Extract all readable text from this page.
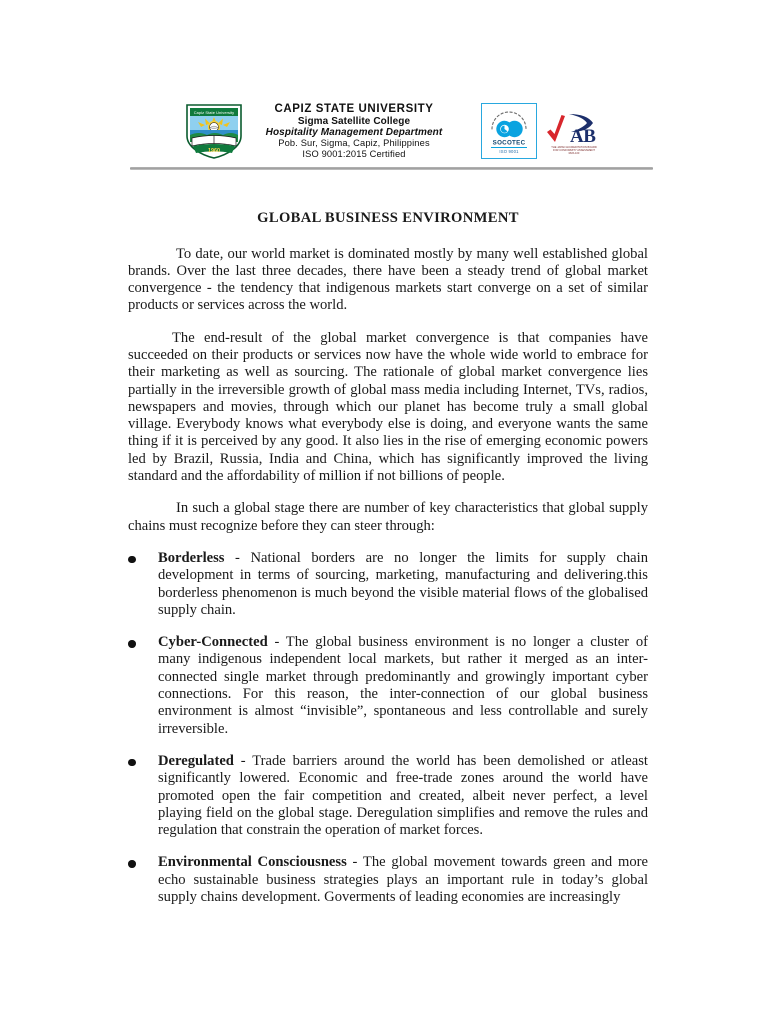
1960
Capiz State University	CAPIZ STATE UNIVERSITY
Sigma Satellite College
Hospitality Management Department
Pob. Sur, Sigma, Capiz, Philippines
ISO 9001:2015 Certified
SOCOTEC
ISO 9001
AB
THE JAPAN ACCREDITATION BOARD
FOR CONFORMITY ASSESSMENT
RMA 100
GLOBAL BUSINESS ENVIRONMENT

To date, our world market is dominated mostly by many well established global brands. Over the last three decades, there have been a steady trend of global market convergence - the tendency that indigenous markets start converge on a set of similar products or services across the world.

The end-result of the global market convergence is that companies have succeeded on their products or services now have the whole wide world to embrace for their marketing as well as sourcing. The rationale of global market convergence lies partially in the irreversible growth of global mass media including Internet, TVs, radios, newspapers and movies, through which our planet has become truly a small global village. Everybody knows what everybody else is doing, and everyone wants the same thing if it is perceived by any good. It also lies in the rise of emerging economic powers led by Brazil, Russia, India and China, which has significantly improved the living standard and the affordability of million if not billions of people.

In such a global stage there are number of key characteristics that global supply chains must recognize before they can steer through:

Borderless - National borders are no longer the limits for supply chain development in terms of sourcing, marketing, manufacturing and delivering.this borderless phenomenon is much beyond the visible material flows of the globalised supply chain.
Cyber-Connected - The global business environment is no longer a cluster of many indigenous independent local markets, but rather it merged as an inter-connected single market through predominantly and growingly important cyber connections. For this reason, the inter-connection of our global business environment is almost “invisible”, spontaneous and less controllable and surely irreversible.
Deregulated - Trade barriers around the world has been demolished or atleast significantly lowered. Economic and free-trade zones around the world have promoted open the fair competition and created, albeit never perfect, a level playing field on the global stage. Deregulation simplifies and remove the rules and regulation that constrain the operation of market forces.
Environmental Consciousness - The global movement towards green and more echo sustainable business strategies plays an important rule in today’s global supply chains development. Goverments of leading economies are increasingly
